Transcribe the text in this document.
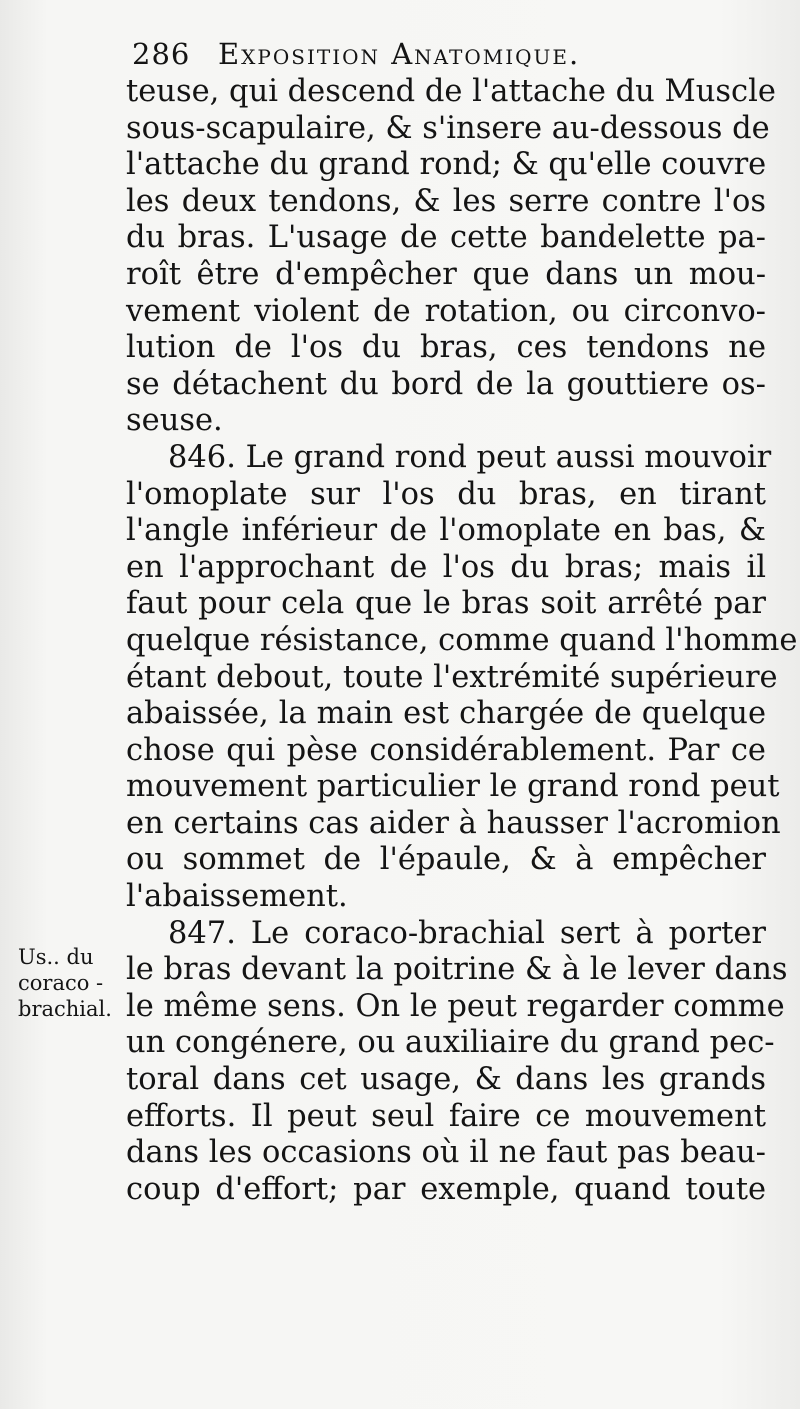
286 Exposition Anatomique.
Us.. du
coraco -
brachial.
teuse, qui descend de l'attache du Muscle
sous-scapulaire, & s'insere au-dessous de
l'attache du grand rond; & qu'elle couvre
les deux tendons, & les serre contre l'os
du bras. L'usage de cette bandelette pa-
roît être d'empêcher que dans un mou-
vement violent de rotation, ou circonvo-
lution de l'os du bras, ces tendons ne
se détachent du bord de la gouttiere os-
seuse.
846. Le grand rond peut aussi mouvoir
l'omoplate sur l'os du bras, en tirant
l'angle inférieur de l'omoplate en bas, &
en l'approchant de l'os du bras; mais il
faut pour cela que le bras soit arrêté par
quelque résistance, comme quand l'homme
étant debout, toute l'extrémité supérieure
abaissée, la main est chargée de quelque
chose qui pèse considérablement. Par ce
mouvement particulier le grand rond peut
en certains cas aider à hausser l'acromion
ou sommet de l'épaule, & à empêcher
l'abaissement.
847. Le coraco-brachial sert à porter
le bras devant la poitrine & à le lever dans
le même sens. On le peut regarder comme
un congénere, ou auxiliaire du grand pec-
toral dans cet usage, & dans les grands
efforts. Il peut seul faire ce mouvement
dans les occasions où il ne faut pas beau-
coup d'effort; par exemple, quand toute
